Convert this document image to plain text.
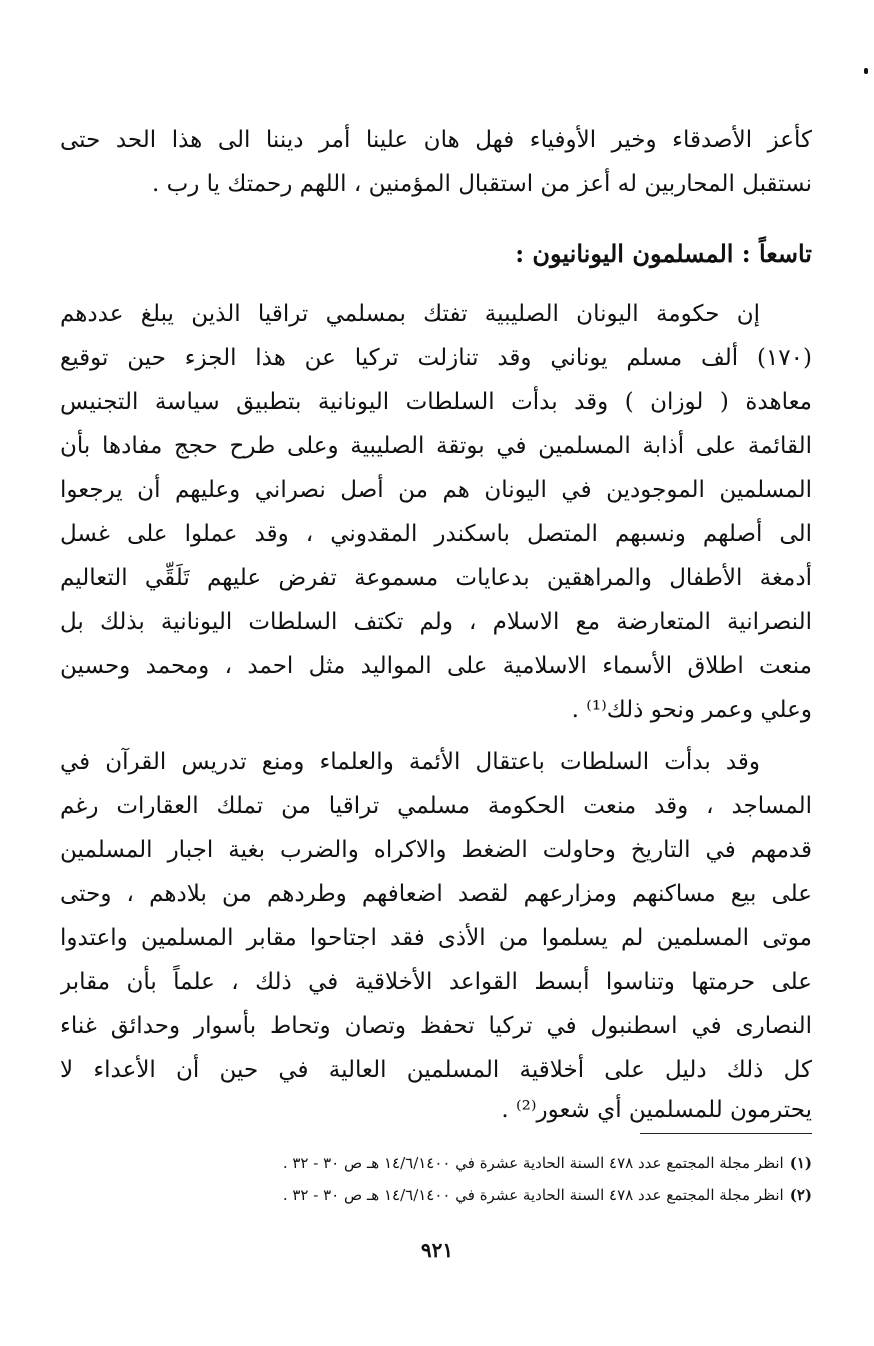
كأعز الأصدقاء وخير الأوفياء فهل هان علينا أمر ديننا الى هذا الحد حتى
نستقبل المحاربين له أعز من استقبال المؤمنين ، اللهم رحمتك يا رب .
تاسعاً : المسلمون اليونانيون :
إن حكومة اليونان الصليبية تفتك بمسلمي تراقيا الذين يبلغ عددهم
(١٧٠) ألف مسلم يوناني وقد تنازلت تركيا عن هذا الجزء حين توقيع
معاهدة ( لوزان ) وقد بدأت السلطات اليونانية بتطبيق سياسة التجنيس
القائمة على أذابة المسلمين في بوتقة الصليبية وعلى طرح حجج مفادها بأن
المسلمين الموجودين في اليونان هم من أصل نصراني وعليهم أن يرجعوا
الى أصلهم ونسبهم المتصل باسكندر المقدوني ، وقد عملوا على غسل
أدمغة الأطفال والمراهقين بدعايات مسموعة تفرض عليهم تَلَقِّي التعاليم
النصرانية المتعارضة مع الاسلام ، ولم تكتف السلطات اليونانية بذلك بل
منعت اطلاق الأسماء الاسلامية على المواليد مثل احمد ، ومحمد وحسين
وعلي وعمر ونحو ذلك⁽¹⁾ .
وقد بدأت السلطات باعتقال الأئمة والعلماء ومنع تدريس القرآن في
المساجد ، وقد منعت الحكومة مسلمي تراقيا من تملك العقارات رغم
قدمهم في التاريخ وحاولت الضغط والاكراه والضرب بغية اجبار المسلمين
على بيع مساكنهم ومزارعهم لقصد اضعافهم وطردهم من بلادهم ، وحتى
موتى المسلمين لم يسلموا من الأذى فقد اجتاحوا مقابر المسلمين واعتدوا
على حرمتها وتناسوا أبسط القواعد الأخلاقية في ذلك ، علماً بأن مقابر
النصارى في اسطنبول في تركيا تحفظ وتصان وتحاط بأسوار وحدائق غناء
كل ذلك دليل على أخلاقية المسلمين العالية في حين أن الأعداء لا
يحترمون للمسلمين أي شعور⁽²⁾ .
(١)انظر مجلة المجتمع عدد ٤٧٨ السنة الحادية عشرة في ١٤/٦/١٤٠٠ هـ ص ٣٠ - ٣٢ .
(٢)انظر مجلة المجتمع عدد ٤٧٨ السنة الحادية عشرة في ١٤/٦/١٤٠٠ هـ ص ٣٠ - ٣٢ .
٩٢١
